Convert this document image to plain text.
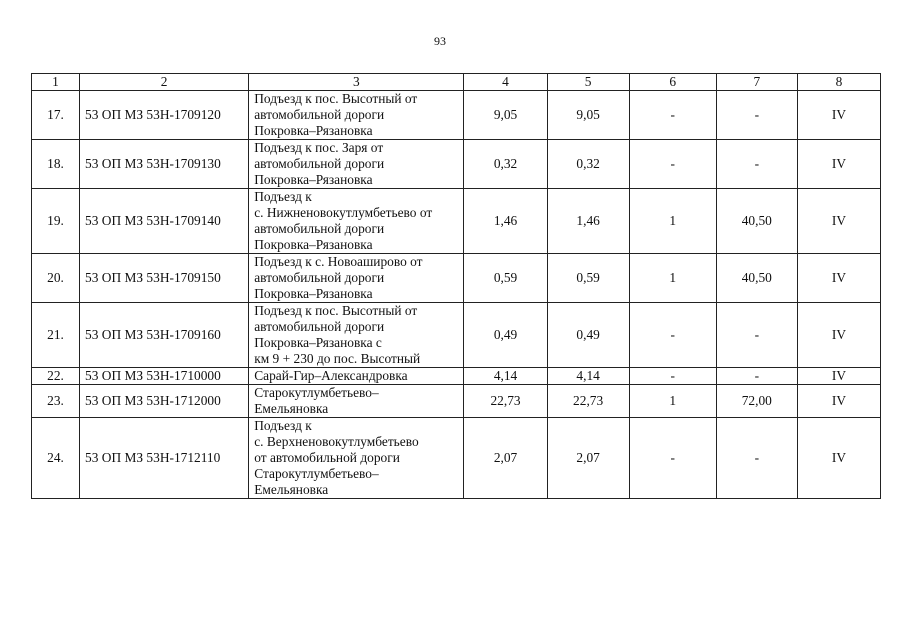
93
1	2	3	4	5	6	7	8
17.	53 ОП МЗ 53Н-1709120	Подъезд к пос. Высотный от
автомобильной дороги
Покровка–Рязановка	9,05	9,05	-	-	IV
18.	53 ОП МЗ 53Н-1709130	Подъезд к пос. Заря от
автомобильной дороги
Покровка–Рязановка	0,32	0,32	-	-	IV
19.	53 ОП МЗ 53Н-1709140	Подъезд к
с. Нижненовокутлумбетьево от
автомобильной дороги
Покровка–Рязановка	1,46	1,46	1	40,50	IV
20.	53 ОП МЗ 53Н-1709150	Подъезд к с. Новоаширово от
автомобильной дороги
Покровка–Рязановка	0,59	0,59	1	40,50	IV
21.	53 ОП МЗ 53Н-1709160	Подъезд к пос. Высотный от
автомобильной дороги
Покровка–Рязановка с
км 9 + 230 до пос. Высотный	0,49	0,49	-	-	IV
22.	53 ОП МЗ 53Н-1710000	Сарай-Гир–Александровка	4,14	4,14	-	-	IV
23.	53 ОП МЗ 53Н-1712000	Старокутлумбетьево–
Емельяновка	22,73	22,73	1	72,00	IV
24.	53 ОП МЗ 53Н-1712110	Подъезд к
с. Верхненовокутлумбетьево
от автомобильной дороги
Старокутлумбетьево–
Емельяновка	2,07	2,07	-	-	IV
